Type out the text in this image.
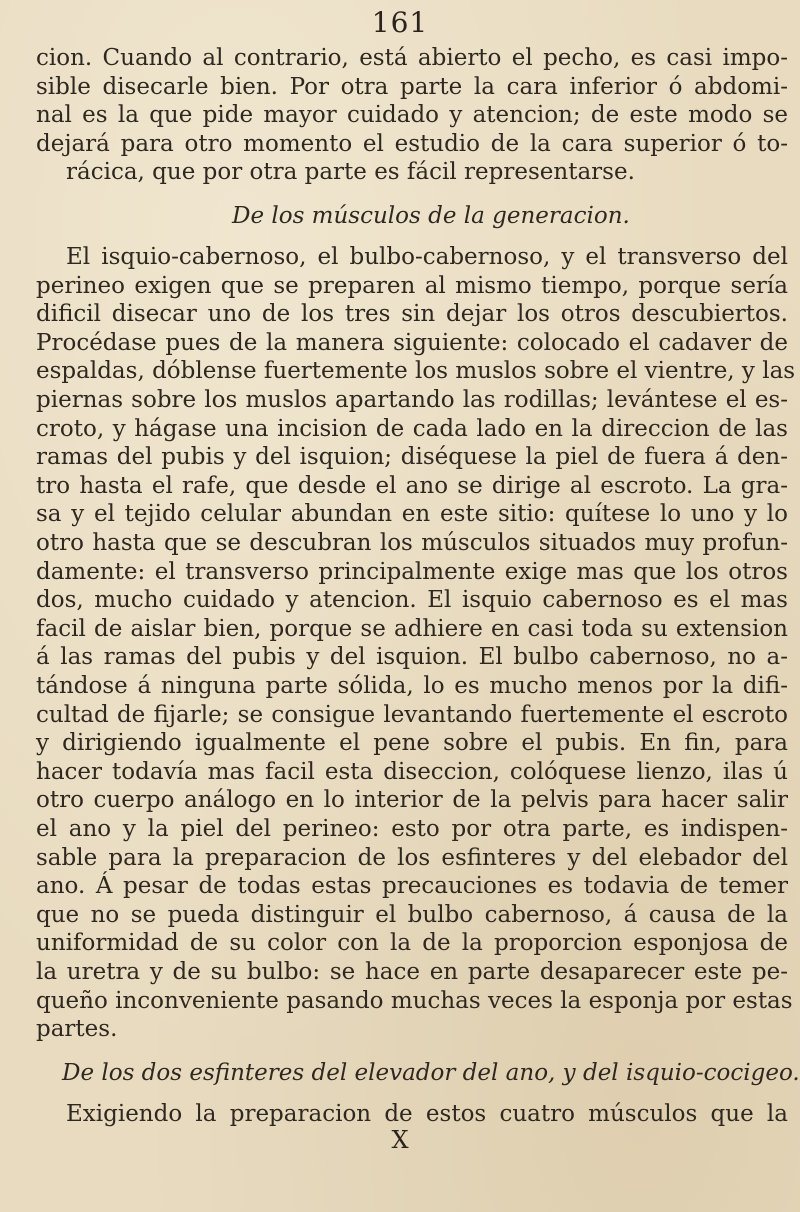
161
cion. Cuando al contrario, está abierto el pecho, es casi impo-
sible disecarle bien. Por otra parte la cara inferior ó abdomi-
nal es la que pide mayor cuidado y atencion; de este modo se
dejará para otro momento el estudio de la cara superior ó to-
rácica, que por otra parte es fácil representarse.
De los músculos de la generacion.
El isquio-cabernoso, el bulbo-cabernoso, y el transverso del
perineo exigen que se preparen al mismo tiempo, porque sería
dificil disecar uno de los tres sin dejar los otros descubiertos.
Procédase pues de la manera siguiente: colocado el cadaver de
espaldas, dóblense fuertemente los muslos sobre el vientre, y las
piernas sobre los muslos apartando las rodillas; levántese el es-
croto, y hágase una incision de cada lado en la direccion de las
ramas del pubis y del isquion; diséquese la piel de fuera á den-
tro hasta el rafe, que desde el ano se dirige al escroto. La gra-
sa y el tejido celular abundan en este sitio: quítese lo uno y lo
otro hasta que se descubran los músculos situados muy profun-
damente: el transverso principalmente exige mas que los otros
dos, mucho cuidado y atencion. El isquio cabernoso es el mas
facil de aislar bien, porque se adhiere en casi toda su extension
á las ramas del pubis y del isquion. El bulbo cabernoso, no a-
tándose á ninguna parte sólida, lo es mucho menos por la difi-
cultad de fijarle; se consigue levantando fuertemente el escroto
y dirigiendo igualmente el pene sobre el pubis. En fin, para
hacer todavía mas facil esta diseccion, colóquese lienzo, ilas ú
otro cuerpo análogo en lo interior de la pelvis para hacer salir
el ano y la piel del perineo: esto por otra parte, es indispen-
sable para la preparacion de los esfinteres y del elebador del
ano. Á pesar de todas estas precauciones es todavia de temer
que no se pueda distinguir el bulbo cabernoso, á causa de la
uniformidad de su color con la de la proporcion esponjosa de
la uretra y de su bulbo: se hace en parte desaparecer este pe-
queño inconveniente pasando muchas veces la esponja por estas
partes.
De los dos esfinteres del elevador del ano, y del isquio-cocigeo.
Exigiendo la preparacion de estos cuatro músculos que la
X
